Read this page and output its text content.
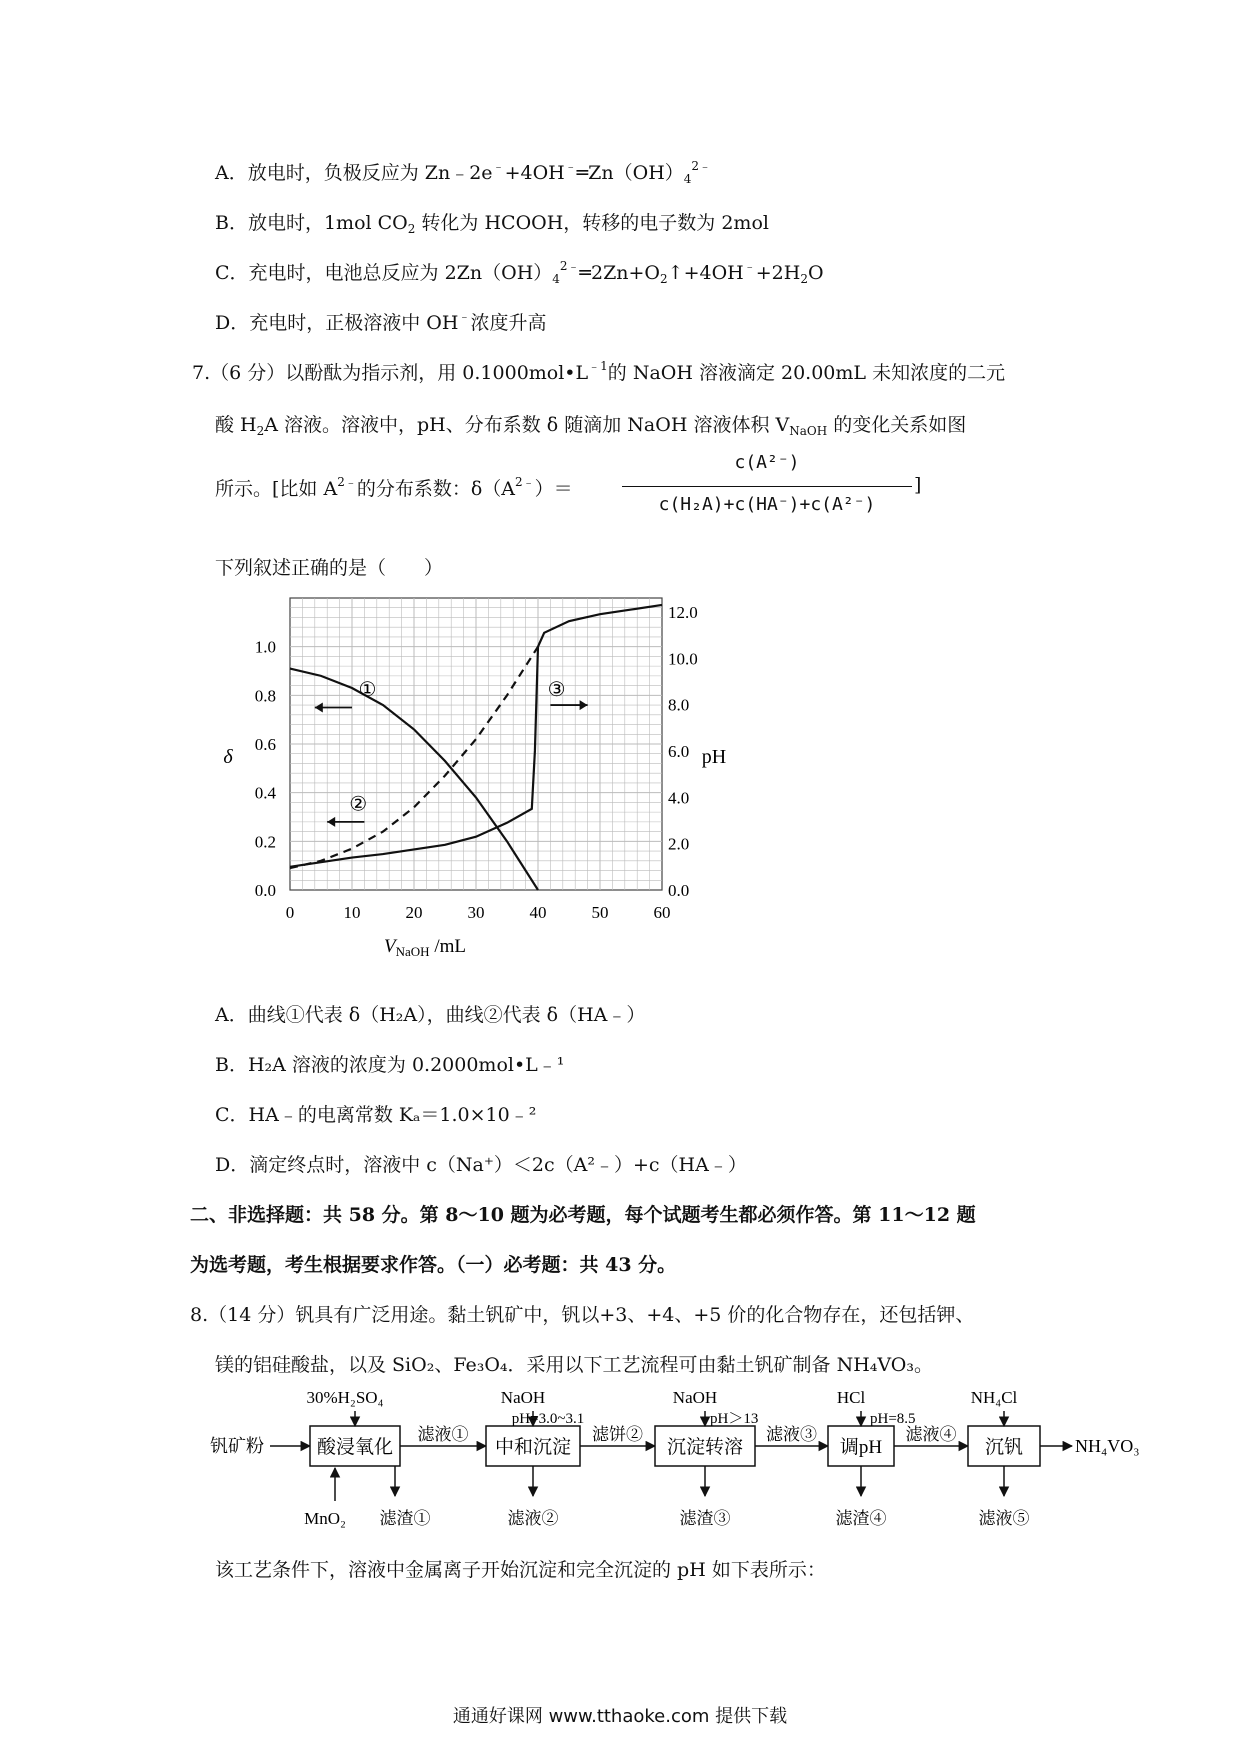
A．放电时，负极反应为 $Zn﹣2e^﹣+4OH^﹣═Zn(OH)_4^{2﹣}$
B．放电时，1mol $CO_2$ 转化为 HCOOH，转移的电子数为 2mol
C．充电时，电池总反应为 $2Zn(OH)_4^{2﹣}═2Zn+O_2↑+4OH^﹣+2H_2O$
D．充电时，正极溶液中 OH﹣浓度升高
7.（6 分）以酚酞为指示剂，用 $0.1000mol•L^{﹣1}$的 NaOH 溶液滴定 20.00mL 未知浓度的二元
酸 $H_2A$ 溶液。溶液中，pH、分布系数 δ 随滴加 NaOH 溶液体积 $V_{NaOH}$ 的变化关系如图
所示。[比如 $A^{2﹣}$的分布系数：$\delta(A^{2﹣})=$
c(A²⁻)
c(H₂A)+c(HA⁻)+c(A²⁻)
]
下列叙述正确的是（　　）
0	10	20	30	40	50	60
0.0
0.2
0.4
0.6
0.8
1.0
0.0
2.0
4.0
6.0
8.0
10.0
12.0
$V_{NaOH}$ /mL
δ	pH
①
②
③
A．曲线①代表 δ（H₂A），曲线②代表 δ（HA﹣）
B．H₂A 溶液的浓度为 0.2000mol•L﹣¹
C．HA﹣的电离常数 Kₐ＝1.0×10﹣²
D．滴定终点时，溶液中 c（Na⁺）＜2c（A²﹣）+c（HA﹣）
二、非选择题：共 58 分。第 8～10 题为必考题，每个试题考生都必须作答。第 11～12 题
为选考题，考生根据要求作答。（一）必考题：共 43 分。
8.（14 分）钒具有广泛用途。黏土钒矿中，钒以+3、+4、+5 价的化合物存在，还包括钾、
镁的铝硅酸盐，以及 SiO₂、Fe₃O₄．采用以下工艺流程可由黏土钒矿制备 NH₄VO₃。
钒矿粉	酸浸氧化
30%H₂SO₄
滤渣①
滤液①
中和沉淀
NaOH
滤液②
滤饼②
沉淀转溶
NaOH
滤渣③
滤液③
调pH
HCl
滤渣④
滤液④
沉钒
NH₄Cl
滤液⑤
pH=3.0~3.1	pH＞13	pH=8.5
MnO₂
NH₄VO₃
该工艺条件下，溶液中金属离子开始沉淀和完全沉淀的 pH 如下表所示：
通通好课网 www.tthaoke.com 提供下载
